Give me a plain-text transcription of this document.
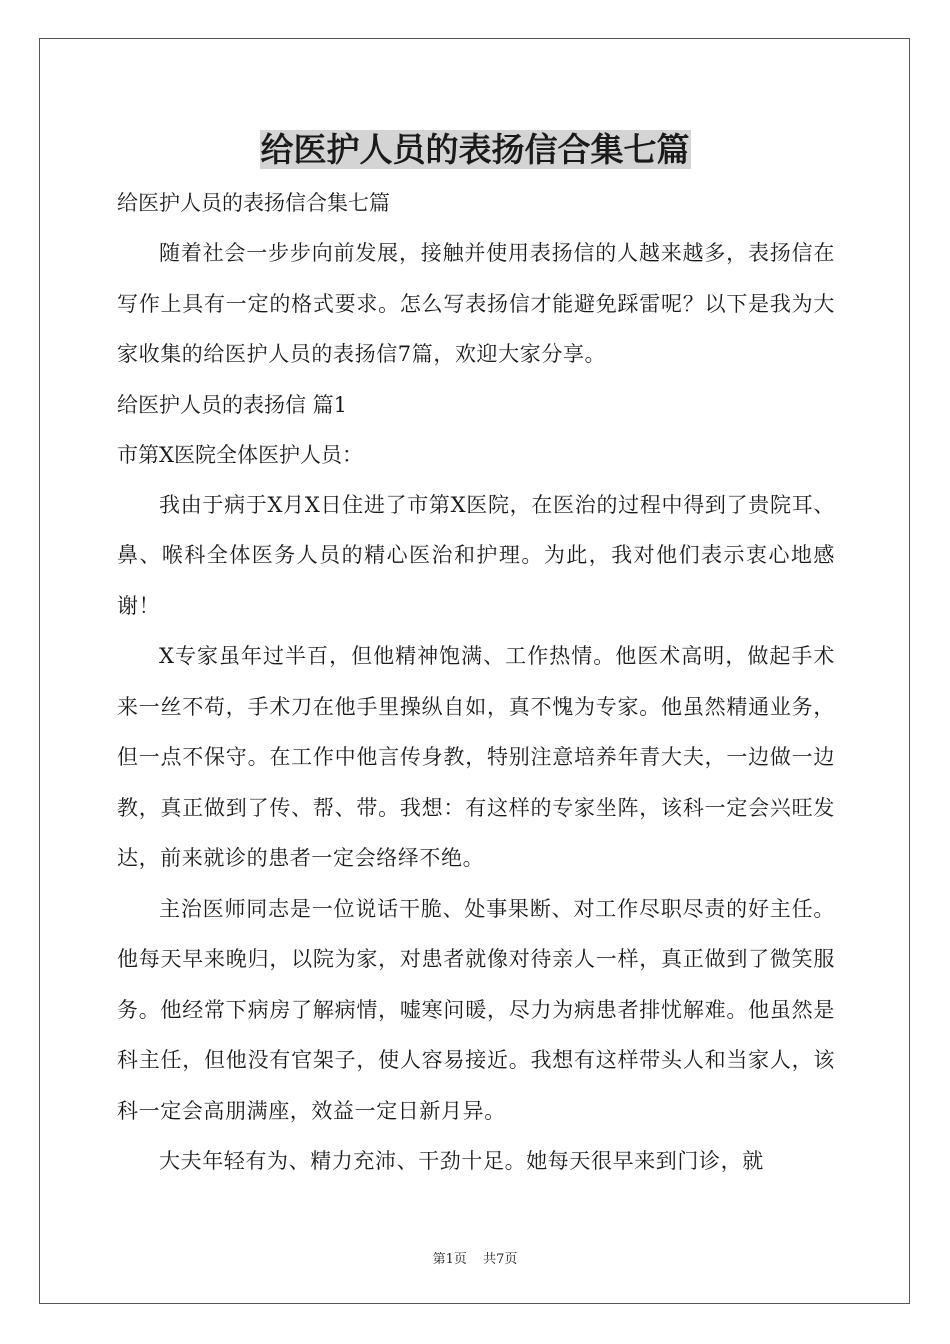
给医护人员的表扬信合集七篇

给医护人员的表扬信合集七篇

随着社会一步步向前发展，接触并使用表扬信的人越来越多，表扬信在写作上具有一定的格式要求。怎么写表扬信才能避免踩雷呢？以下是我为大家收集的给医护人员的表扬信7篇，欢迎大家分享。

给医护人员的表扬信 篇1

市第X医院全体医护人员：

我由于病于X月X日住进了市第X医院，在医治的过程中得到了贵院耳、鼻、喉科全体医务人员的精心医治和护理。为此，我对他们表示衷心地感谢！

X专家虽年过半百，但他精神饱满、工作热情。他医术高明，做起手术来一丝不苟，手术刀在他手里操纵自如，真不愧为专家。他虽然精通业务，但一点不保守。在工作中他言传身教，特别注意培养年青大夫，一边做一边教，真正做到了传、帮、带。我想：有这样的专家坐阵，该科一定会兴旺发达，前来就诊的患者一定会络绎不绝。

主治医师同志是一位说话干脆、处事果断、对工作尽职尽责的好主任。他每天早来晚归，以院为家，对患者就像对待亲人一样，真正做到了微笑服务。他经常下病房了解病情，嘘寒问暖，尽力为病患者排忧解难。他虽然是科主任，但他没有官架子，使人容易接近。我想有这样带头人和当家人，该科一定会高朋满座，效益一定日新月异。

大夫年轻有为、精力充沛、干劲十足。她每天很早来到门诊，就

第1页 共7页
